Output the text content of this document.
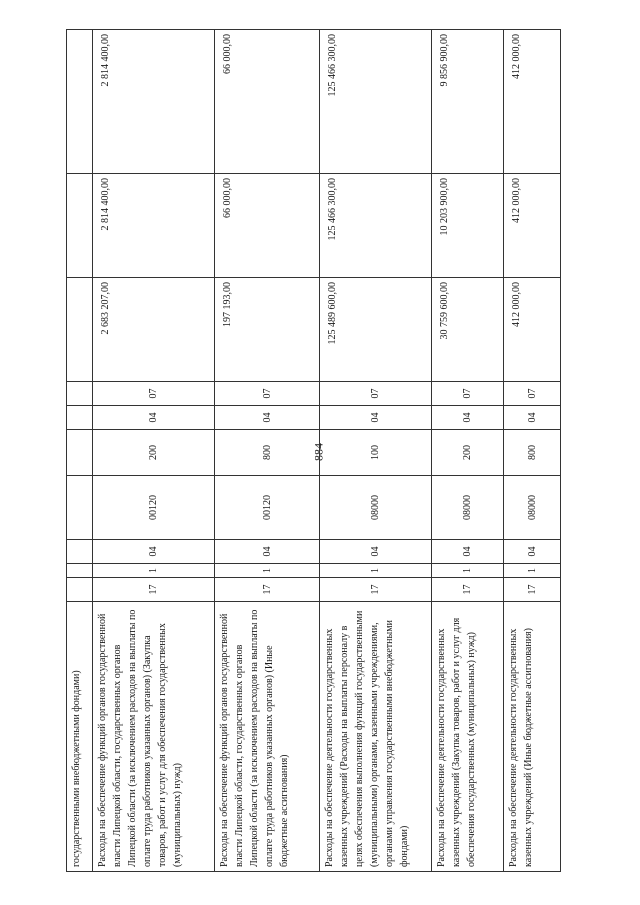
884
государственными внебюджетными фондами)										
Расходы на обеспечение функций органов государственной власти Липецкой области, государственных органов Липецкой области (за исключением расходов на выплаты по оплате труда работников указанных органов) (Закупка товаров, работ и услуг для обеспечения государственных (муниципальных) нужд)	17	1	04	00120	200	04	07	2 683 207,00	2 814 400,00	2 814 400,00
Расходы на обеспечение функций органов государственной власти Липецкой области, государственных органов Липецкой области (за исключением расходов на выплаты по оплате труда работников указанных органов) (Иные бюджетные ассигнования)	17	1	04	00120	800	04	07	197 193,00	66 000,00	66 000,00
Расходы на обеспечение деятельности государственных казенных учреждений (Расходы на выплаты персоналу в целях обеспечения выполнения функций государственными (муниципальными) органами, казенными учреждениями, органами управления государственными внебюджетными фондами)	17	1	04	08000	100	04	07	125 489 600,00	125 466 300,00	125 466 300,00
Расходы на обеспечение деятельности государственных казенных учреждений (Закупка товаров, работ и услуг для обеспечения государственных (муниципальных) нужд)	17	1	04	08000	200	04	07	30 759 600,00	10 203 900,00	9 856 900,00
Расходы на обеспечение деятельности государственных казенных учреждений (Иные бюджетные ассигнования)	17	1	04	08000	800	04	07	412 000,00	412 000,00	412 000,00
